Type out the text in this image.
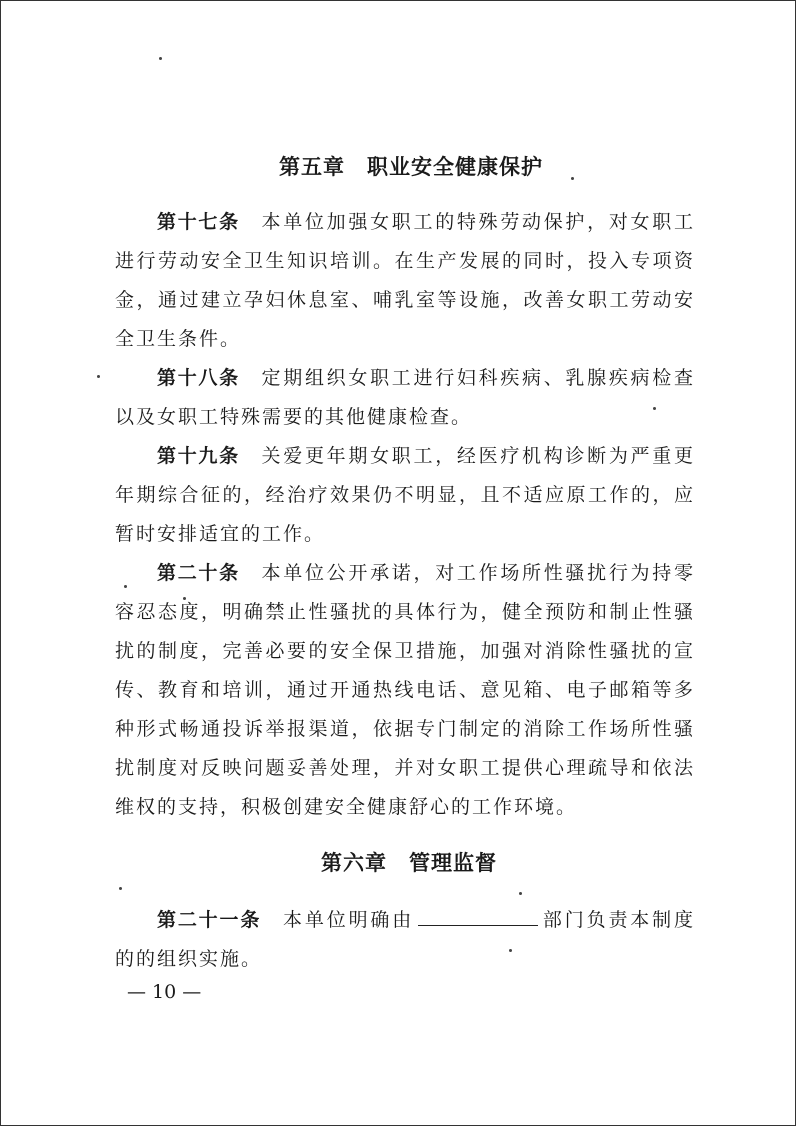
第五章　职业安全健康保护
第十七条　 本单位加强女职工的特殊劳动保护，对女职工进行劳动安全卫生知识培训。在生产发展的同时，投入专项资金，通过建立孕妇休息室、哺乳室等设施，改善女职工劳动安全卫生条件。
第十八条　 定期组织女职工进行妇科疾病、乳腺疾病检查以及女职工特殊需要的其他健康检查。
第十九条　 关爱更年期女职工，经医疗机构诊断为严重更年期综合征的，经治疗效果仍不明显，且不适应原工作的，应暂时安排适宜的工作。
第二十条　 本单位公开承诺，对工作场所性骚扰行为持零容忍态度，明确禁止性骚扰的具体行为，健全预防和制止性骚扰的制度，完善必要的安全保卫措施，加强对消除性骚扰的宣传、教育和培训，通过开通热线电话、意见箱、电子邮箱等多种形式畅通投诉举报渠道，依据专门制定的消除工作场所性骚扰制度对反映问题妥善处理，并对女职工提供心理疏导和依法维权的支持，积极创建安全健康舒心的工作环境。
第六章　管理监督
第二十一条　 本单位明确由	部门负责本制度的的组织实施。
— 10 —
